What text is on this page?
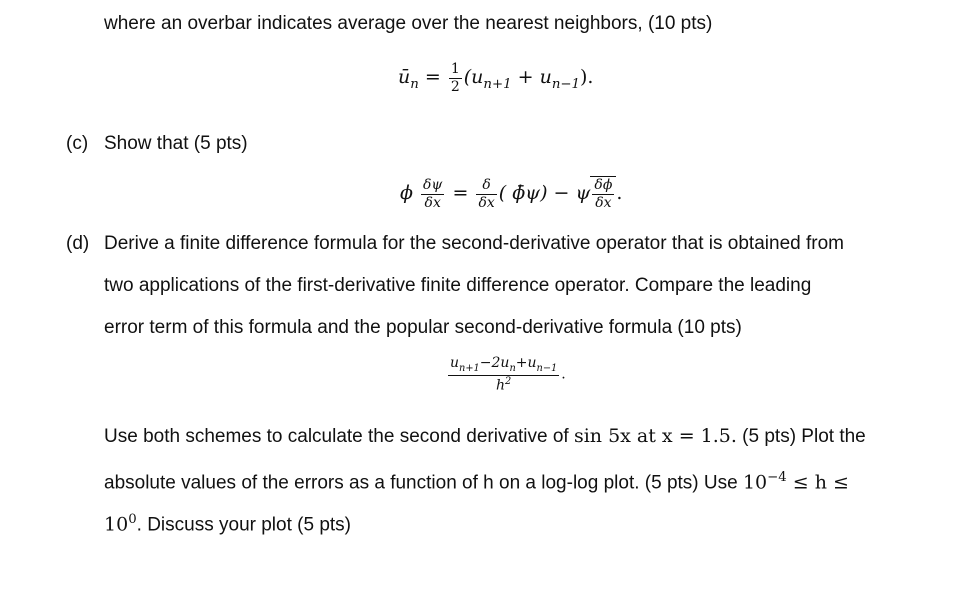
where an overbar indicates average over the nearest neighbors, (10 pts)
$ū_n = \frac{1}{2} (u_{n+1} + u_{n-1})$.
(c) Show that (5 pts)
ϕ $\frac{\delta\psi}{\delta x} = \frac{\delta}{\delta x}$ ( ϕ̄ψ) − ψ $\frac{\delta\phi}{\delta x}$ .
(d) Derive a finite difference formula for the second-derivative operator that is obtained from
two applications of the first-derivative finite difference operator. Compare the leading
error term of this formula and the popular second-derivative formula (10 pts)
$\frac{u_{n+1}-2u_n+u_{n-1}}{h^2}$ .
Use both schemes to calculate the second derivative of sin 5x at x = 1.5. (5 pts) Plot the
absolute values of the errors as a function of h on a log-log plot. (5 pts) Use $10^{-4} \le h$ ≤
$10^0$. Discuss your plot (5 pts)
